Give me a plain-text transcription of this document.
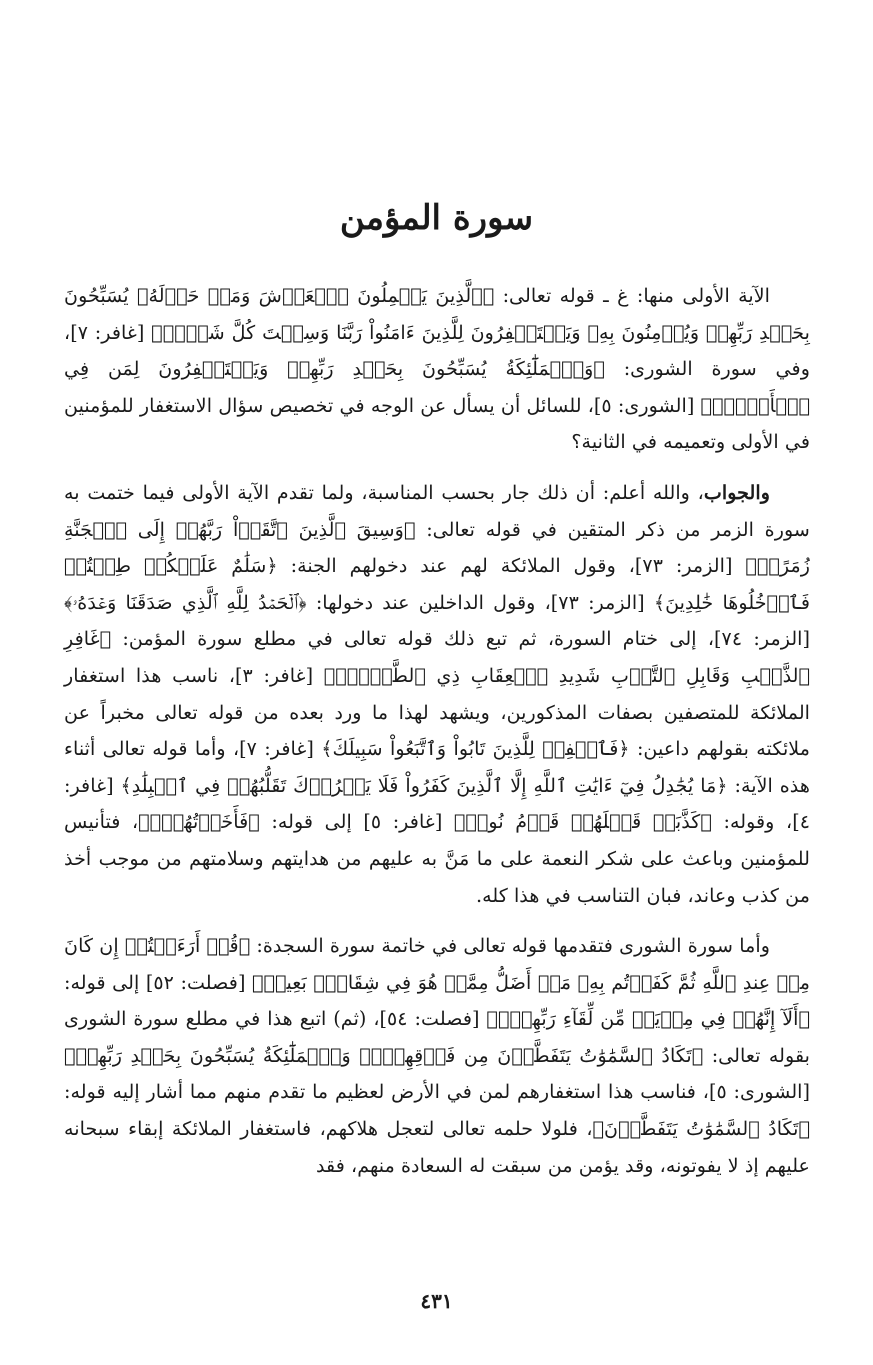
سورة المؤمن

الآية الأولى منها: غ ـ قوله تعالى: ﴿ٱلَّذِينَ يَحۡمِلُونَ ٱلۡعَرۡشَ وَمَنۡ حَوۡلَهُۥ يُسَبِّحُونَ بِحَمۡدِ رَبِّهِمۡ وَيُؤۡمِنُونَ بِهِۦ وَيَسۡتَغۡفِرُونَ لِلَّذِينَ ءَامَنُواْ رَبَّنَا وَسِعۡتَ كُلَّ شَيۡءٖ﴾ [غافر: ٧]، وفي سورة الشورى: ﴿وَٱلۡمَلَٰٓئِكَةُ يُسَبِّحُونَ بِحَمۡدِ رَبِّهِمۡ وَيَسۡتَغۡفِرُونَ لِمَن فِي ٱلۡأَرۡضِۗ﴾ [الشورى: ٥]، للسائل أن يسأل عن الوجه في تخصيص سؤال الاستغفار للمؤمنين في الأولى وتعميمه في الثانية؟

والجواب، والله أعلم: أن ذلك جار بحسب المناسبة، ولما تقدم الآية الأولى فيما ختمت به سورة الزمر من ذكر المتقين في قوله تعالى: ﴿وَسِيقَ ٱلَّذِينَ ٱتَّقَوۡاْ رَبَّهُمۡ إِلَى ٱلۡجَنَّةِ زُمَرًاۖ﴾ [الزمر: ٧٣]، وقول الملائكة لهم عند دخولهم الجنة: ﴿سَلَٰمٌ عَلَيۡكُمۡ طِبۡتُمۡ فَٱدۡخُلُوهَا خَٰلِدِينَ﴾ [الزمر: ٧٣]، وقول الداخلين عند دخولها: ﴿ٱلۡحَمۡدُ لِلَّهِ ٱلَّذِي صَدَقَنَا وَعۡدَهُۥ﴾ [الزمر: ٧٤]، إلى ختام السورة، ثم تبع ذلك قوله تعالى في مطلع سورة المؤمن: ﴿غَافِرِ ٱلذَّنۢبِ وَقَابِلِ ٱلتَّوۡبِ شَدِيدِ ٱلۡعِقَابِ ذِي ٱلطَّوۡلِۖ﴾ [غافر: ٣]، ناسب هذا استغفار الملائكة للمتصفين بصفات المذكورين، ويشهد لهذا ما ورد بعده من قوله تعالى مخبراً عن ملائكته بقولهم داعين: ﴿فَٱغۡفِرۡ لِلَّذِينَ تَابُواْ وَٱتَّبَعُواْ سَبِيلَكَ﴾ [غافر: ٧]، وأما قوله تعالى أثناء هذه الآية: ﴿مَا يُجَٰدِلُ فِيٓ ءَايَٰتِ ٱللَّهِ إِلَّا ٱلَّذِينَ كَفَرُواْ فَلَا يَغۡرُرۡكَ تَقَلُّبُهُمۡ فِي ٱلۡبِلَٰدِ﴾ [غافر: ٤]، وقوله: ﴿كَذَّبَتۡ قَبۡلَهُمۡ قَوۡمُ نُوحٖ﴾ [غافر: ٥] إلى قوله: ﴿فَأَخَذۡتُهُمۡۖ﴾، فتأنيس للمؤمنين وباعث على شكر النعمة على ما مَنَّ به عليهم من هدايتهم وسلامتهم من موجب أخذ من كذب وعاند، فبان التناسب في هذا كله.

وأما سورة الشورى فتقدمها قوله تعالى في خاتمة سورة السجدة: ﴿قُلۡ أَرَءَيۡتُمۡ إِن كَانَ مِنۡ عِندِ ٱللَّهِ ثُمَّ كَفَرۡتُم بِهِۦ مَنۡ أَضَلُّ مِمَّنۡ هُوَ فِي شِقَاقِۭ بَعِيدٖ﴾ [فصلت: ٥٢] إلى قوله: ﴿أَلَآ إِنَّهُمۡ فِي مِرۡيَةٖ مِّن لِّقَآءِ رَبِّهِمۡۗ﴾ [فصلت: ٥٤]، (ثم) اتبع هذا في مطلع سورة الشورى بقوله تعالى: ﴿تَكَادُ ٱلسَّمَٰوَٰتُ يَتَفَطَّرۡنَ مِن فَوۡقِهِنَّۚ وَٱلۡمَلَٰٓئِكَةُ يُسَبِّحُونَ بِحَمۡدِ رَبِّهِمۡ﴾ [الشورى: ٥]، فناسب هذا استغفارهم لمن في الأرض لعظيم ما تقدم منهم مما أشار إليه قوله: ﴿تَكَادُ ٱلسَّمَٰوَٰتُ يَتَفَطَّرۡنَ﴾، فلولا حلمه تعالى لتعجل هلاكهم، فاستغفار الملائكة إبقاء سبحانه عليهم إذ لا يفوتونه، وقد يؤمن من سبقت له السعادة منهم، فقد

٤٣١
